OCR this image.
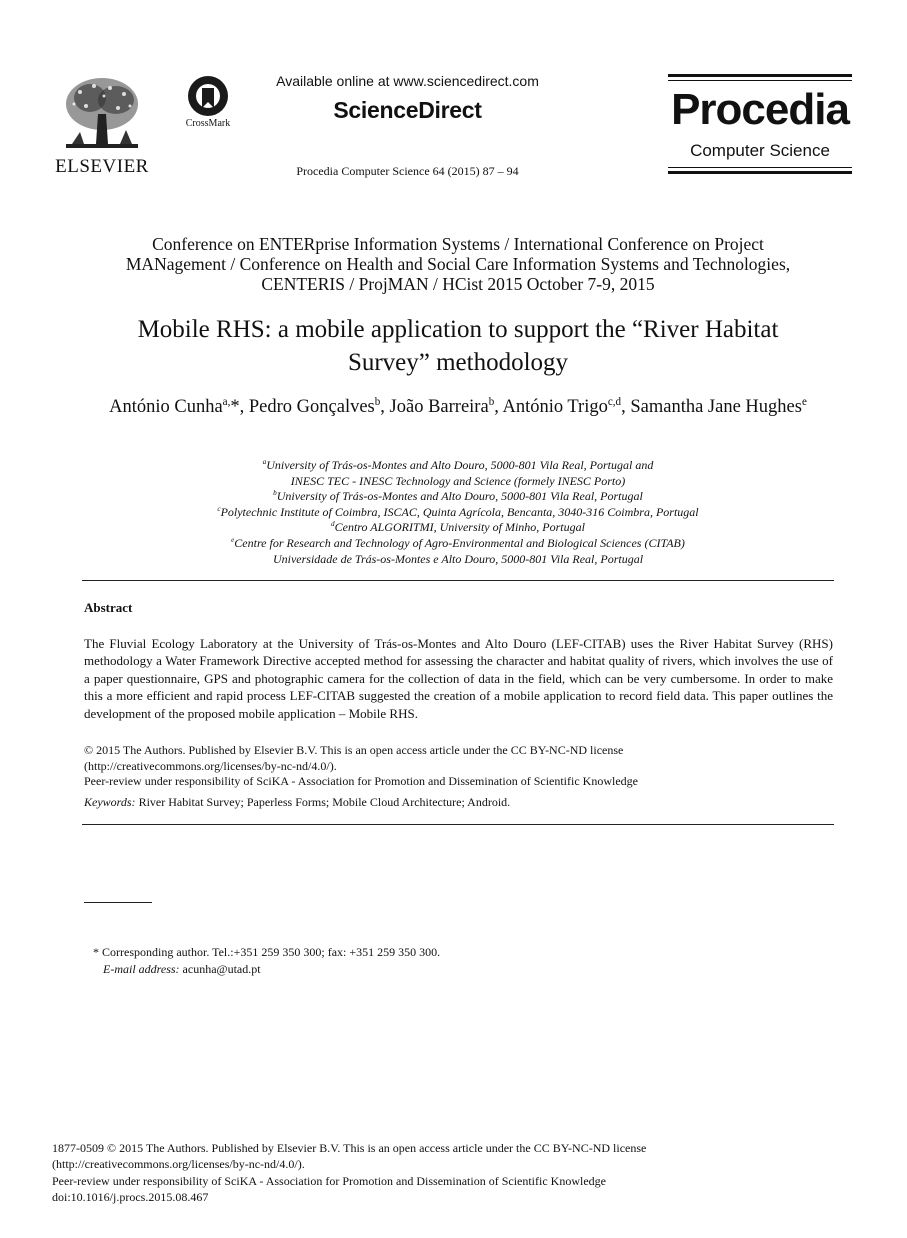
ELSEVIER
CrossMark
Available online at www.sciencedirect.com
ScienceDirect
Procedia Computer Science 64 (2015) 87 – 94
Procedia
Computer Science
Conference on ENTERprise Information Systems / International Conference on Project
MANagement / Conference on Health and Social Care Information Systems and Technologies,
CENTERIS / ProjMAN / HCist 2015 October 7-9, 2015
Mobile RHS: a mobile application to support the “River Habitat
Survey” methodology
António Cunha$^{a,}$*, Pedro Gonçalves$^b$, João Barreira$^b$, António Trigo$^{c,d}$, Samantha Jane Hughes$^e$
$^a$University of Trás-os-Montes and Alto Douro, 5000-801 Vila Real, Portugal and
INESC TEC - INESC Technology and Science (formely INESC Porto)
$^b$University of Trás-os-Montes and Alto Douro, 5000-801 Vila Real, Portugal
$^c$Polytechnic Institute of Coimbra, ISCAC, Quinta Agrícola, Bencanta, 3040-316 Coimbra, Portugal
$^d$Centro ALGORITMI, University of Minho, Portugal
$^e$Centre for Research and Technology of Agro-Environmental and Biological Sciences (CITAB)
Universidade de Trás-os-Montes e Alto Douro, 5000-801 Vila Real, Portugal
Abstract
The Fluvial Ecology Laboratory at the University of Trás-os-Montes and Alto Douro (LEF-CITAB) uses the River Habitat Survey (RHS) methodology a Water Framework Directive accepted method for assessing the character and habitat quality of rivers, which involves the use of a paper questionnaire, GPS and photographic camera for the collection of data in the field, which can be very cumbersome. In order to make this a more efficient and rapid process LEF-CITAB suggested the creation of a mobile application to record field data. This paper outlines the development of the proposed mobile application – Mobile RHS.
© 2015 The Authors. Published by Elsevier B.V. This is an open access article under the CC BY-NC-ND license
(http://creativecommons.org/licenses/by-nc-nd/4.0/).
Peer-review under responsibility of SciKA - Association for Promotion and Dissemination of Scientific Knowledge
Keywords: River Habitat Survey; Paperless Forms; Mobile Cloud Architecture; Android.
* Corresponding author. Tel.:+351 259 350 300; fax: +351 259 350 300.
E-mail address: acunha@utad.pt
1877-0509 © 2015 The Authors. Published by Elsevier B.V. This is an open access article under the CC BY-NC-ND license
(http://creativecommons.org/licenses/by-nc-nd/4.0/).
Peer-review under responsibility of SciKA - Association for Promotion and Dissemination of Scientific Knowledge
doi:10.1016/j.procs.2015.08.467
